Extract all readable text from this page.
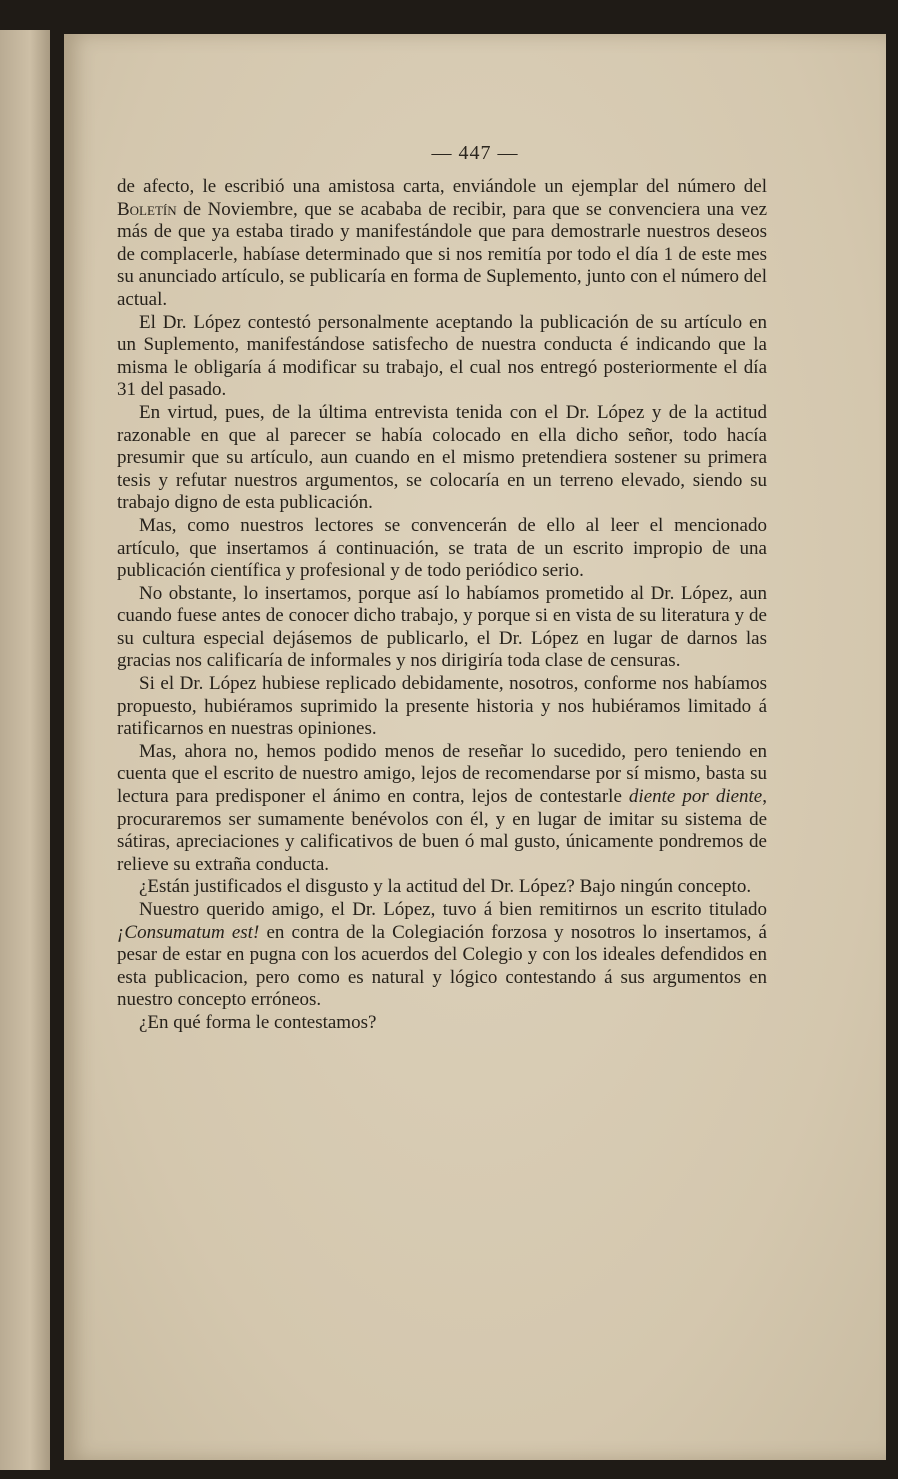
— 447 —

de afecto, le escribió una amistosa carta, enviándole un ejemplar del número del Boletín de Noviembre, que se acababa de recibir, para que se convenciera una vez más de que ya estaba tirado y manifestándole que para demostrarle nuestros deseos de complacerle, habíase determinado que si nos remitía por todo el día 1 de este mes su anunciado artículo, se publicaría en forma de Suplemento, junto con el número del actual.

El Dr. López contestó personalmente aceptando la publicación de su artículo en un Suplemento, manifestándose satisfecho de nuestra conducta é indicando que la misma le obligaría á modificar su trabajo, el cual nos entregó posteriormente el día 31 del pasado.

En virtud, pues, de la última entrevista tenida con el Dr. López y de la actitud razonable en que al parecer se había colocado en ella dicho señor, todo hacía presumir que su artículo, aun cuando en el mismo pretendiera sostener su primera tesis y refutar nuestros argumentos, se colocaría en un terreno elevado, siendo su trabajo digno de esta publicación.

Mas, como nuestros lectores se convencerán de ello al leer el mencionado artículo, que insertamos á continuación, se trata de un escrito impropio de una publicación científica y profesional y de todo periódico serio.

No obstante, lo insertamos, porque así lo habíamos prometido al Dr. López, aun cuando fuese antes de conocer dicho trabajo, y porque si en vista de su literatura y de su cultura especial dejásemos de publicarlo, el Dr. López en lugar de darnos las gracias nos calificaría de informales y nos dirigiría toda clase de censuras.

Si el Dr. López hubiese replicado debidamente, nosotros, conforme nos habíamos propuesto, hubiéramos suprimido la presente historia y nos hubiéramos limitado á ratificarnos en nuestras opiniones.

Mas, ahora no, hemos podido menos de reseñar lo sucedido, pero teniendo en cuenta que el escrito de nuestro amigo, lejos de recomendarse por sí mismo, basta su lectura para predisponer el ánimo en contra, lejos de contestarle diente por diente, procuraremos ser sumamente benévolos con él, y en lugar de imitar su sistema de sátiras, apreciaciones y calificativos de buen ó mal gusto, únicamente pondremos de relieve su extraña conducta.

¿Están justificados el disgusto y la actitud del Dr. López? Bajo ningún concepto.

Nuestro querido amigo, el Dr. López, tuvo á bien remitirnos un escrito titulado ¡Consumatum est! en contra de la Colegiación forzosa y nosotros lo insertamos, á pesar de estar en pugna con los acuerdos del Colegio y con los ideales defendidos en esta publicacion, pero como es natural y lógico contestando á sus argumentos en nuestro concepto erróneos.

¿En qué forma le contestamos?
